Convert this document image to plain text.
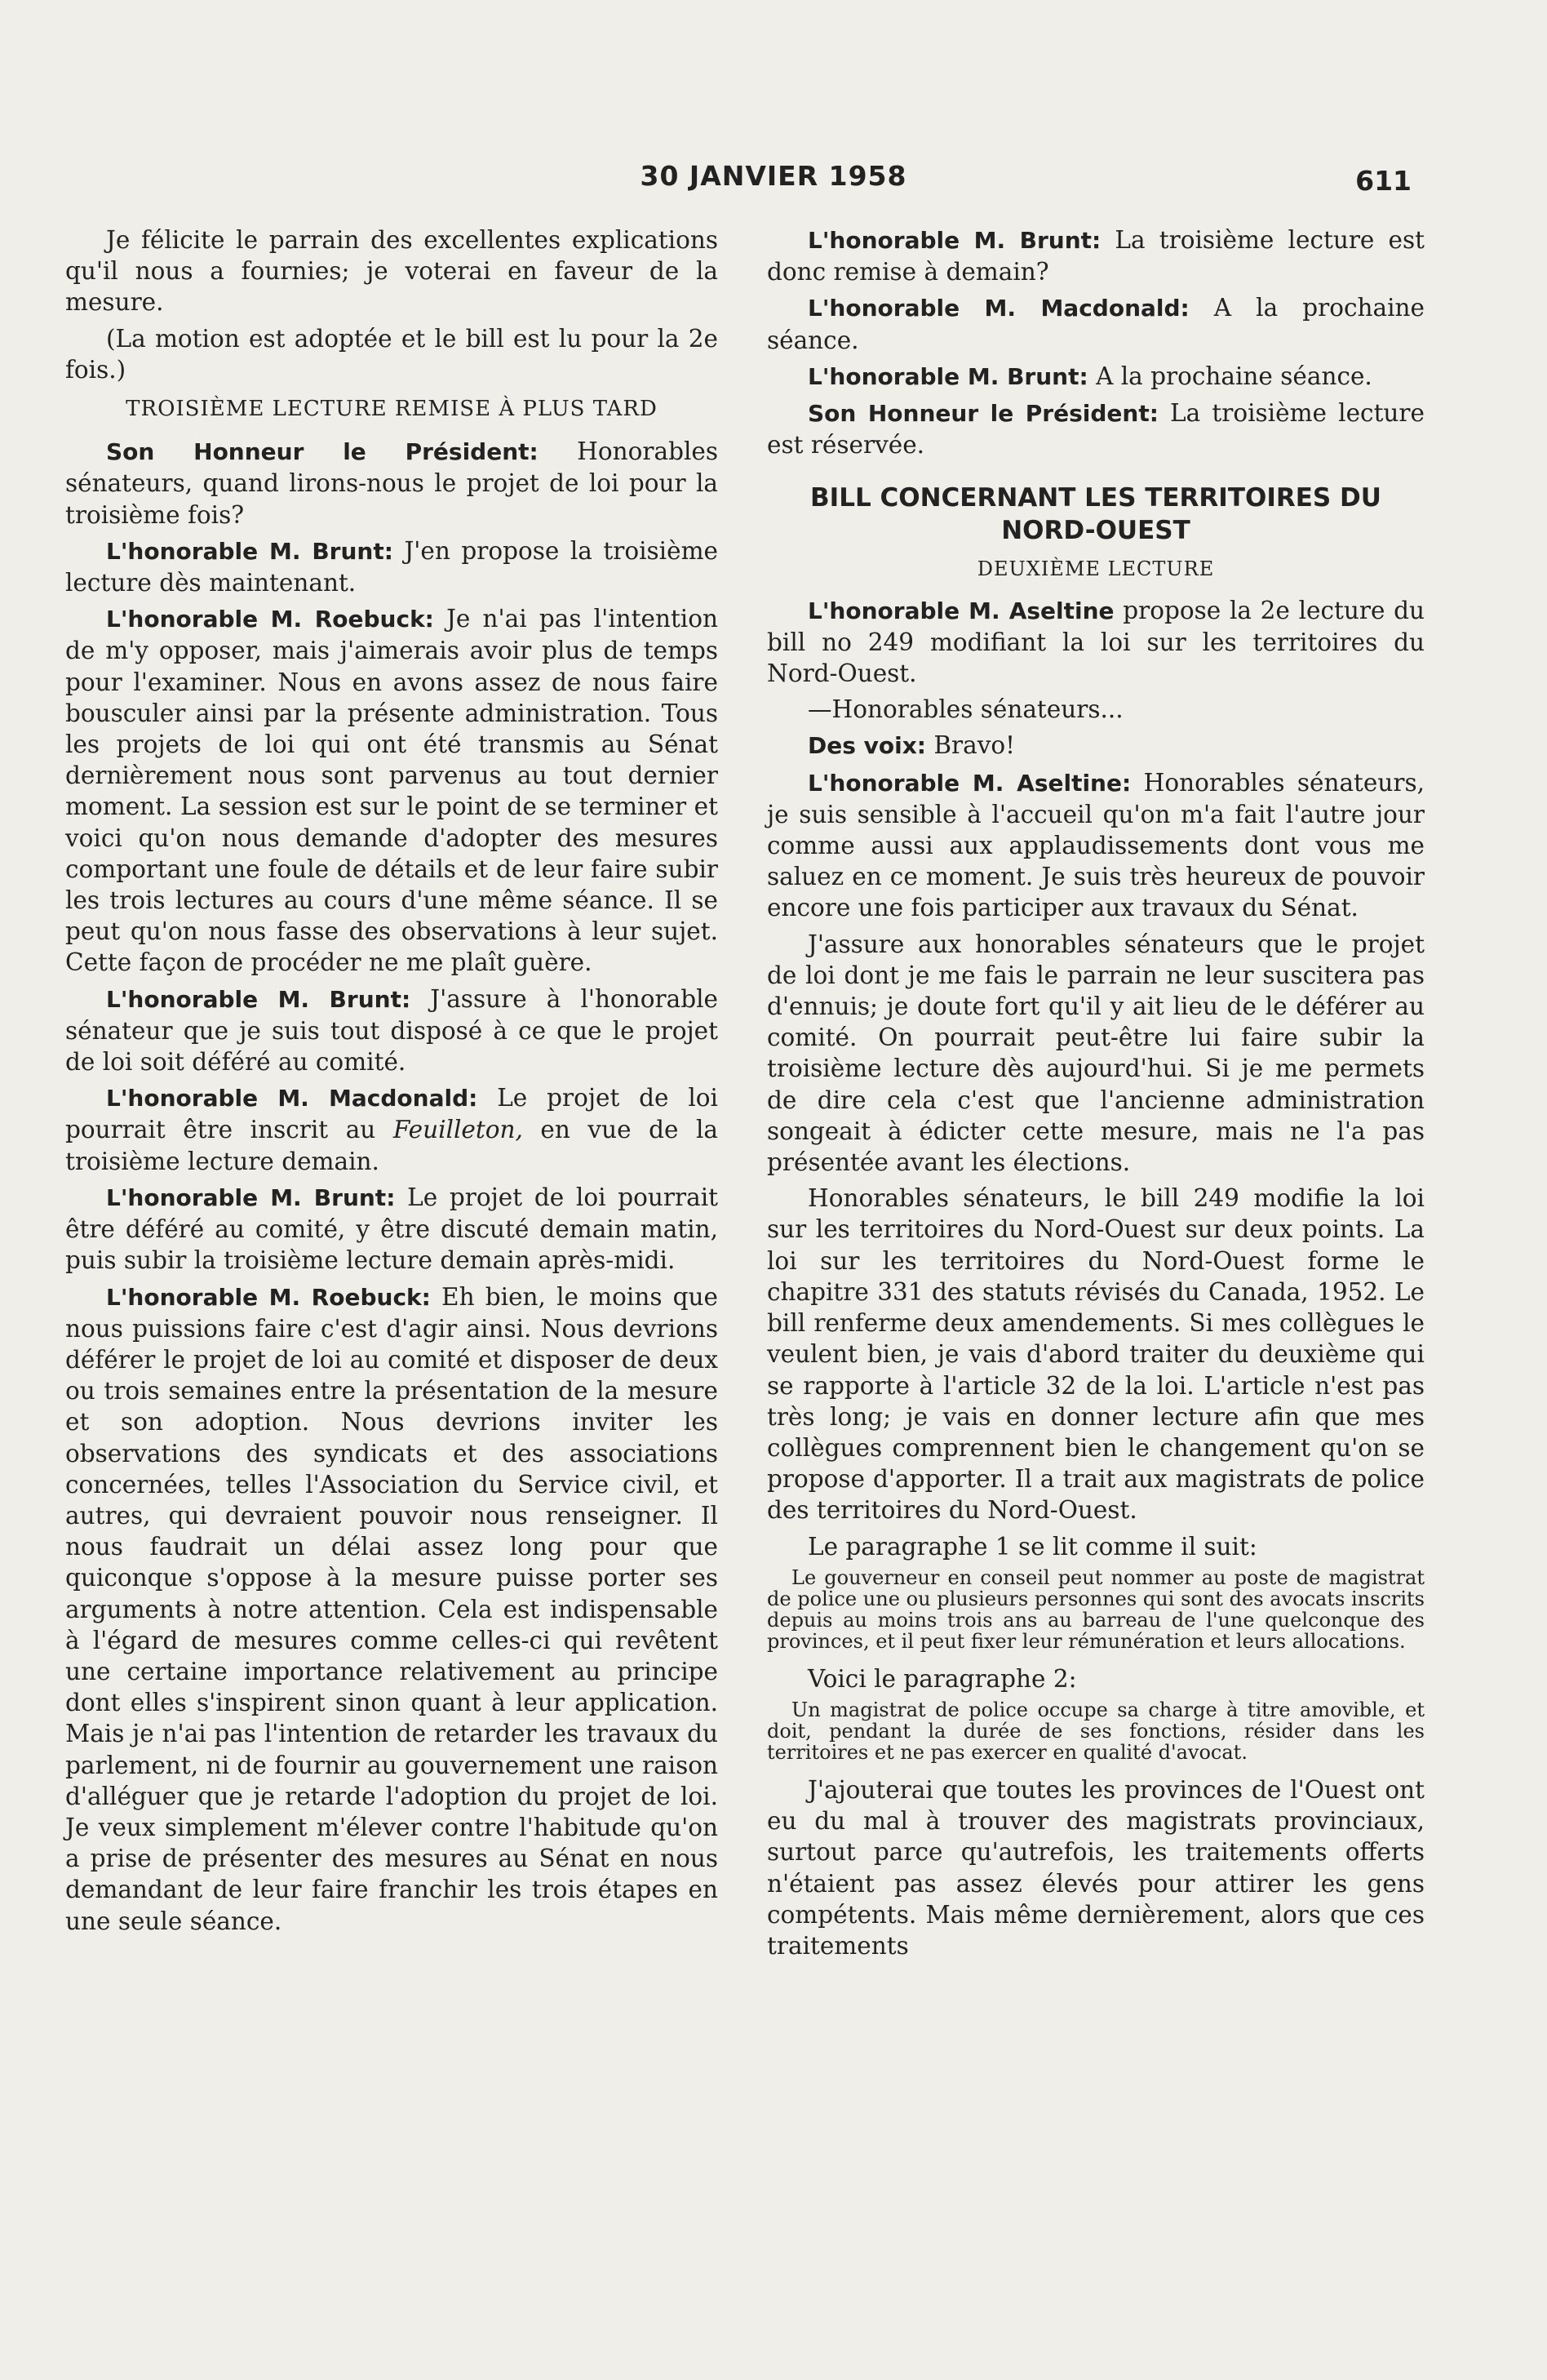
30 JANVIER 1958	611

Je félicite le parrain des excellentes explications qu'il nous a fournies; je voterai en faveur de la mesure.

(La motion est adoptée et le bill est lu pour la 2e fois.)

TROISIÈME LECTURE REMISE À PLUS TARD

Son Honneur le Président: Honorables sénateurs, quand lirons-nous le projet de loi pour la troisième fois?

L'honorable M. Brunt: J'en propose la troisième lecture dès maintenant.

L'honorable M. Roebuck: Je n'ai pas l'intention de m'y opposer, mais j'aimerais avoir plus de temps pour l'examiner. Nous en avons assez de nous faire bousculer ainsi par la présente administration. Tous les projets de loi qui ont été transmis au Sénat dernièrement nous sont parvenus au tout dernier moment. La session est sur le point de se terminer et voici qu'on nous demande d'adopter des mesures comportant une foule de détails et de leur faire subir les trois lectures au cours d'une même séance. Il se peut qu'on nous fasse des observations à leur sujet. Cette façon de procéder ne me plaît guère.

L'honorable M. Brunt: J'assure à l'honorable sénateur que je suis tout disposé à ce que le projet de loi soit déféré au comité.

L'honorable M. Macdonald: Le projet de loi pourrait être inscrit au Feuilleton, en vue de la troisième lecture demain.

L'honorable M. Brunt: Le projet de loi pourrait être déféré au comité, y être discuté demain matin, puis subir la troisième lecture demain après-midi.

L'honorable M. Roebuck: Eh bien, le moins que nous puissions faire c'est d'agir ainsi. Nous devrions déférer le projet de loi au comité et disposer de deux ou trois semaines entre la présentation de la mesure et son adoption. Nous devrions inviter les observations des syndicats et des associations concernées, telles l'Association du Service civil, et autres, qui devraient pouvoir nous renseigner. Il nous faudrait un délai assez long pour que quiconque s'oppose à la mesure puisse porter ses arguments à notre attention. Cela est indispensable à l'égard de mesures comme celles-ci qui revêtent une certaine importance relativement au principe dont elles s'inspirent sinon quant à leur application. Mais je n'ai pas l'intention de retarder les travaux du parlement, ni de fournir au gouvernement une raison d'alléguer que je retarde l'adoption du projet de loi. Je veux simplement m'élever contre l'habitude qu'on a prise de présenter des mesures au Sénat en nous demandant de leur faire franchir les trois étapes en une seule séance.

L'honorable M. Brunt: La troisième lecture est donc remise à demain?

L'honorable M. Macdonald: A la prochaine séance.

L'honorable M. Brunt: A la prochaine séance.

Son Honneur le Président: La troisième lecture est réservée.

BILL CONCERNANT LES TERRITOIRES DU NORD-OUEST
DEUXIÈME LECTURE

L'honorable M. Aseltine propose la 2e lecture du bill no 249 modifiant la loi sur les territoires du Nord-Ouest.

—Honorables sénateurs...

Des voix: Bravo!

L'honorable M. Aseltine: Honorables sénateurs, je suis sensible à l'accueil qu'on m'a fait l'autre jour comme aussi aux applaudissements dont vous me saluez en ce moment. Je suis très heureux de pouvoir encore une fois participer aux travaux du Sénat.

J'assure aux honorables sénateurs que le projet de loi dont je me fais le parrain ne leur suscitera pas d'ennuis; je doute fort qu'il y ait lieu de le déférer au comité. On pourrait peut-être lui faire subir la troisième lecture dès aujourd'hui. Si je me permets de dire cela c'est que l'ancienne administration songeait à édicter cette mesure, mais ne l'a pas présentée avant les élections.

Honorables sénateurs, le bill 249 modifie la loi sur les territoires du Nord-Ouest sur deux points. La loi sur les territoires du Nord-Ouest forme le chapitre 331 des statuts révisés du Canada, 1952. Le bill renferme deux amendements. Si mes collègues le veulent bien, je vais d'abord traiter du deuxième qui se rapporte à l'article 32 de la loi. L'article n'est pas très long; je vais en donner lecture afin que mes collègues comprennent bien le changement qu'on se propose d'apporter. Il a trait aux magistrats de police des territoires du Nord-Ouest.

Le paragraphe 1 se lit comme il suit:

Le gouverneur en conseil peut nommer au poste de magistrat de police une ou plusieurs personnes qui sont des avocats inscrits depuis au moins trois ans au barreau de l'une quelconque des provinces, et il peut fixer leur rémunération et leurs allocations.

Voici le paragraphe 2:

Un magistrat de police occupe sa charge à titre amovible, et doit, pendant la durée de ses fonctions, résider dans les territoires et ne pas exercer en qualité d'avocat.

J'ajouterai que toutes les provinces de l'Ouest ont eu du mal à trouver des magistrats provinciaux, surtout parce qu'autrefois, les traitements offerts n'étaient pas assez élevés pour attirer les gens compétents. Mais même dernièrement, alors que ces traitements
